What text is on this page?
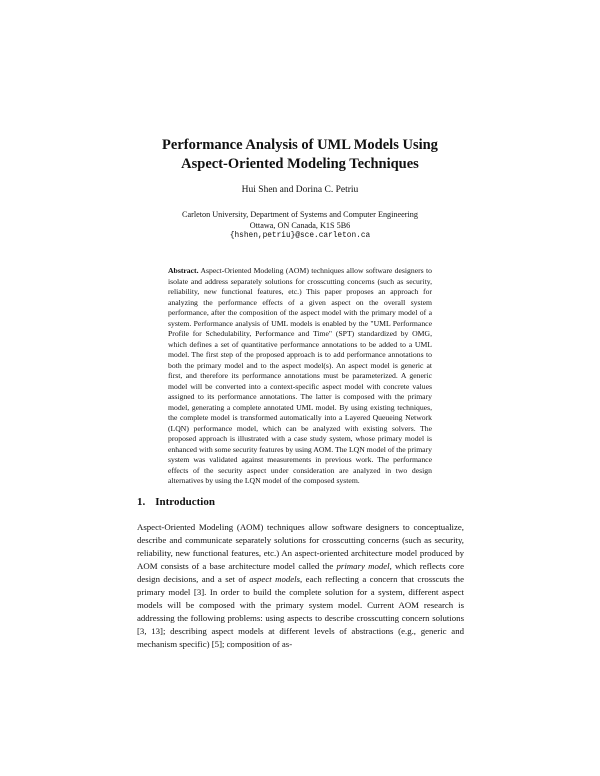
Performance Analysis of UML Models Using
Aspect-Oriented Modeling Techniques
Hui Shen and Dorina C. Petriu
Carleton University, Department of Systems and Computer Engineering
Ottawa, ON Canada, K1S 5B6
{hshen,petriu}@sce.carleton.ca
Abstract. Aspect-Oriented Modeling (AOM) techniques allow software designers to isolate and address separately solutions for crosscutting concerns (such as security, reliability, new functional features, etc.) This paper proposes an approach for analyzing the performance effects of a given aspect on the overall system performance, after the composition of the aspect model with the primary model of a system. Performance analysis of UML models is enabled by the "UML Performance Profile for Schedulability, Performance and Time" (SPT) standardized by OMG, which defines a set of quantitative performance annotations to be added to a UML model. The first step of the proposed approach is to add performance annotations to both the primary model and to the aspect model(s). An aspect model is generic at first, and therefore its performance annotations must be parameterized. A generic model will be converted into a context-specific aspect model with concrete values assigned to its performance annotations. The latter is composed with the primary model, generating a complete annotated UML model. By using existing techniques, the complete model is transformed automatically into a Layered Queueing Network (LQN) performance model, which can be analyzed with existing solvers. The proposed approach is illustrated with a case study system, whose primary model is enhanced with some security features by using AOM. The LQN model of the primary system was validated against measurements in previous work. The performance effects of the security aspect under consideration are analyzed in two design alternatives by using the LQN model of the composed system.
1. Introduction
Aspect-Oriented Modeling (AOM) techniques allow software designers to conceptualize, describe and communicate separately solutions for crosscutting concerns (such as security, reliability, new functional features, etc.) An aspect-oriented architecture model produced by AOM consists of a base architecture model called the primary model, which reflects core design decisions, and a set of aspect models, each reflecting a concern that crosscuts the primary model [3]. In order to build the complete solution for a system, different aspect models will be composed with the primary system model. Current AOM research is addressing the following problems: using aspects to describe crosscutting concern solutions [3, 13]; describing aspect models at different levels of abstractions (e.g., generic and mechanism specific) [5]; composition of as-
